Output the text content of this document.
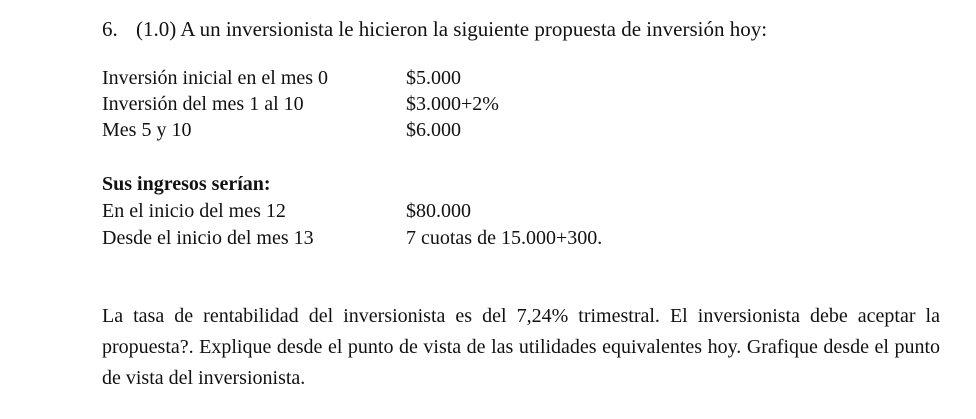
6. (1.0) A un inversionista le hicieron la siguiente propuesta de inversión hoy:
Inversión inicial en el mes 0	$5.000
Inversión del mes 1 al 10	$3.000+2%
Mes 5 y 10	$6.000
Sus ingresos serían:
En el inicio del mes 12	$80.000
Desde el inicio del mes 13	7 cuotas de 15.000+300.
La tasa de rentabilidad del inversionista es del 7,24% trimestral. El inversionista debe aceptar la propuesta?. Explique desde el punto de vista de las utilidades equivalentes hoy. Grafique desde el punto de vista del inversionista.
